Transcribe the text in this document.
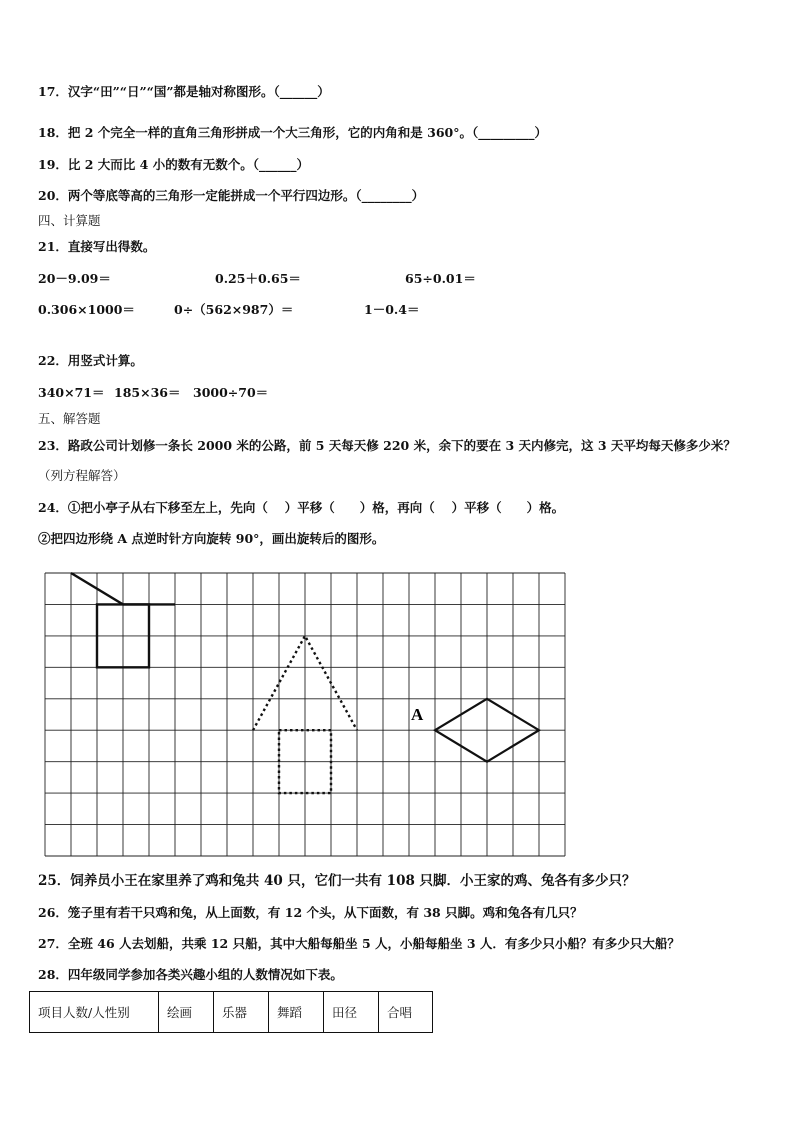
17．汉字“田”“日”“国”都是轴对称图形。（______）
18．把 2 个完全一样的直角三角形拼成一个大三角形，它的内角和是 360°。（_________）
19．比 2 大而比 4 小的数有无数个。（______）
20．两个等底等高的三角形一定能拼成一个平行四边形。（________）
四、计算题
21．直接写出得数。
20－9.09＝	0.25＋0.65＝	65÷0.01＝
0.306×1000＝	0÷（562×987）＝	1－0.4＝
22．用竖式计算。
340×71＝ 185×36＝ 3000÷70＝
五、解答题
23．路政公司计划修一条长 2000 米的公路，前 5 天每天修 220 米，余下的要在 3 天内修完，这 3 天平均每天修多少米？
（列方程解答）
24．①把小亭子从右下移至左上，先向（　 ）平移（　　）格，再向（　 ）平移（　　）格。
②把四边形绕 A 点逆时针方向旋转 90°，画出旋转后的图形。
A
25．饲养员小王在家里养了鸡和兔共 40 只，它们一共有 108 只脚．小王家的鸡、兔各有多少只？
26．笼子里有若干只鸡和兔，从上面数，有 12 个头，从下面数，有 38 只脚。鸡和兔各有几只？
27．全班 46 人去划船，共乘 12 只船，其中大船每船坐 5 人，小船每船坐 3 人．有多少只小船？有多少只大船？
28．四年级同学参加各类兴趣小组的人数情况如下表。
项目人数/人性别	绘画	乐器	舞蹈	田径	合唱
